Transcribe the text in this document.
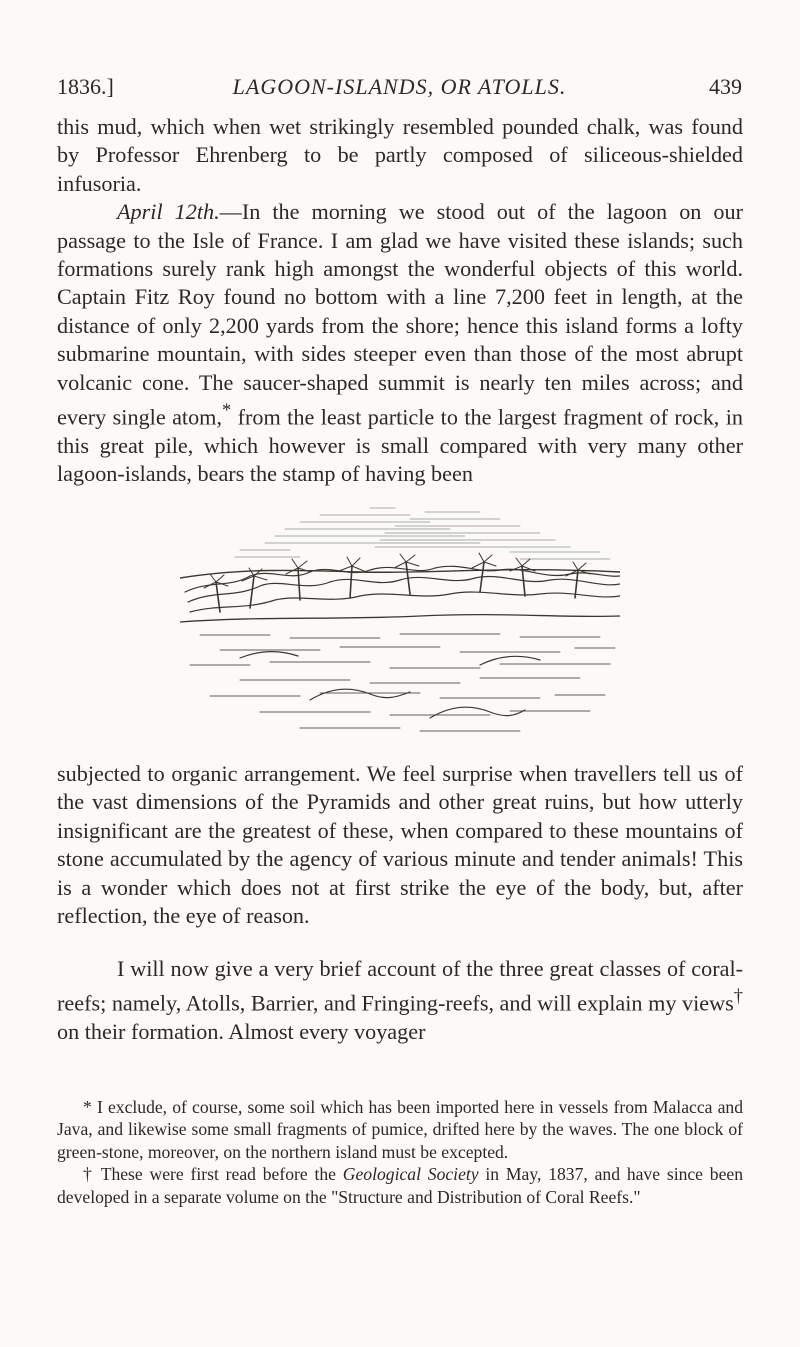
1836.]	LAGOON-ISLANDS, OR ATOLLS.	439

this mud, which when wet strikingly resembled pounded chalk, was found by Professor Ehrenberg to be partly composed of siliceous-shielded infusoria.

April 12th.—In the morning we stood out of the lagoon on our passage to the Isle of France. I am glad we have visited these islands; such formations surely rank high amongst the wonderful objects of this world. Captain Fitz Roy found no bottom with a line 7,200 feet in length, at the distance of only 2,200 yards from the shore; hence this island forms a lofty submarine mountain, with sides steeper even than those of the most abrupt volcanic cone. The saucer-shaped summit is nearly ten miles across; and every single atom,* from the least particle to the largest fragment of rock, in this great pile, which however is small compared with very many other lagoon-islands, bears the stamp of having been

subjected to organic arrangement. We feel surprise when travellers tell us of the vast dimensions of the Pyramids and other great ruins, but how utterly insignificant are the greatest of these, when compared to these mountains of stone accumulated by the agency of various minute and tender animals! This is a wonder which does not at first strike the eye of the body, but, after reflection, the eye of reason.

I will now give a very brief account of the three great classes of coral-reefs; namely, Atolls, Barrier, and Fringing-reefs, and will explain my views† on their formation. Almost every voyager

* I exclude, of course, some soil which has been imported here in vessels from Malacca and Java, and likewise some small fragments of pumice, drifted here by the waves. The one block of green-stone, moreover, on the northern island must be excepted.

† These were first read before the Geological Society in May, 1837, and have since been developed in a separate volume on the "Structure and Distribution of Coral Reefs."
